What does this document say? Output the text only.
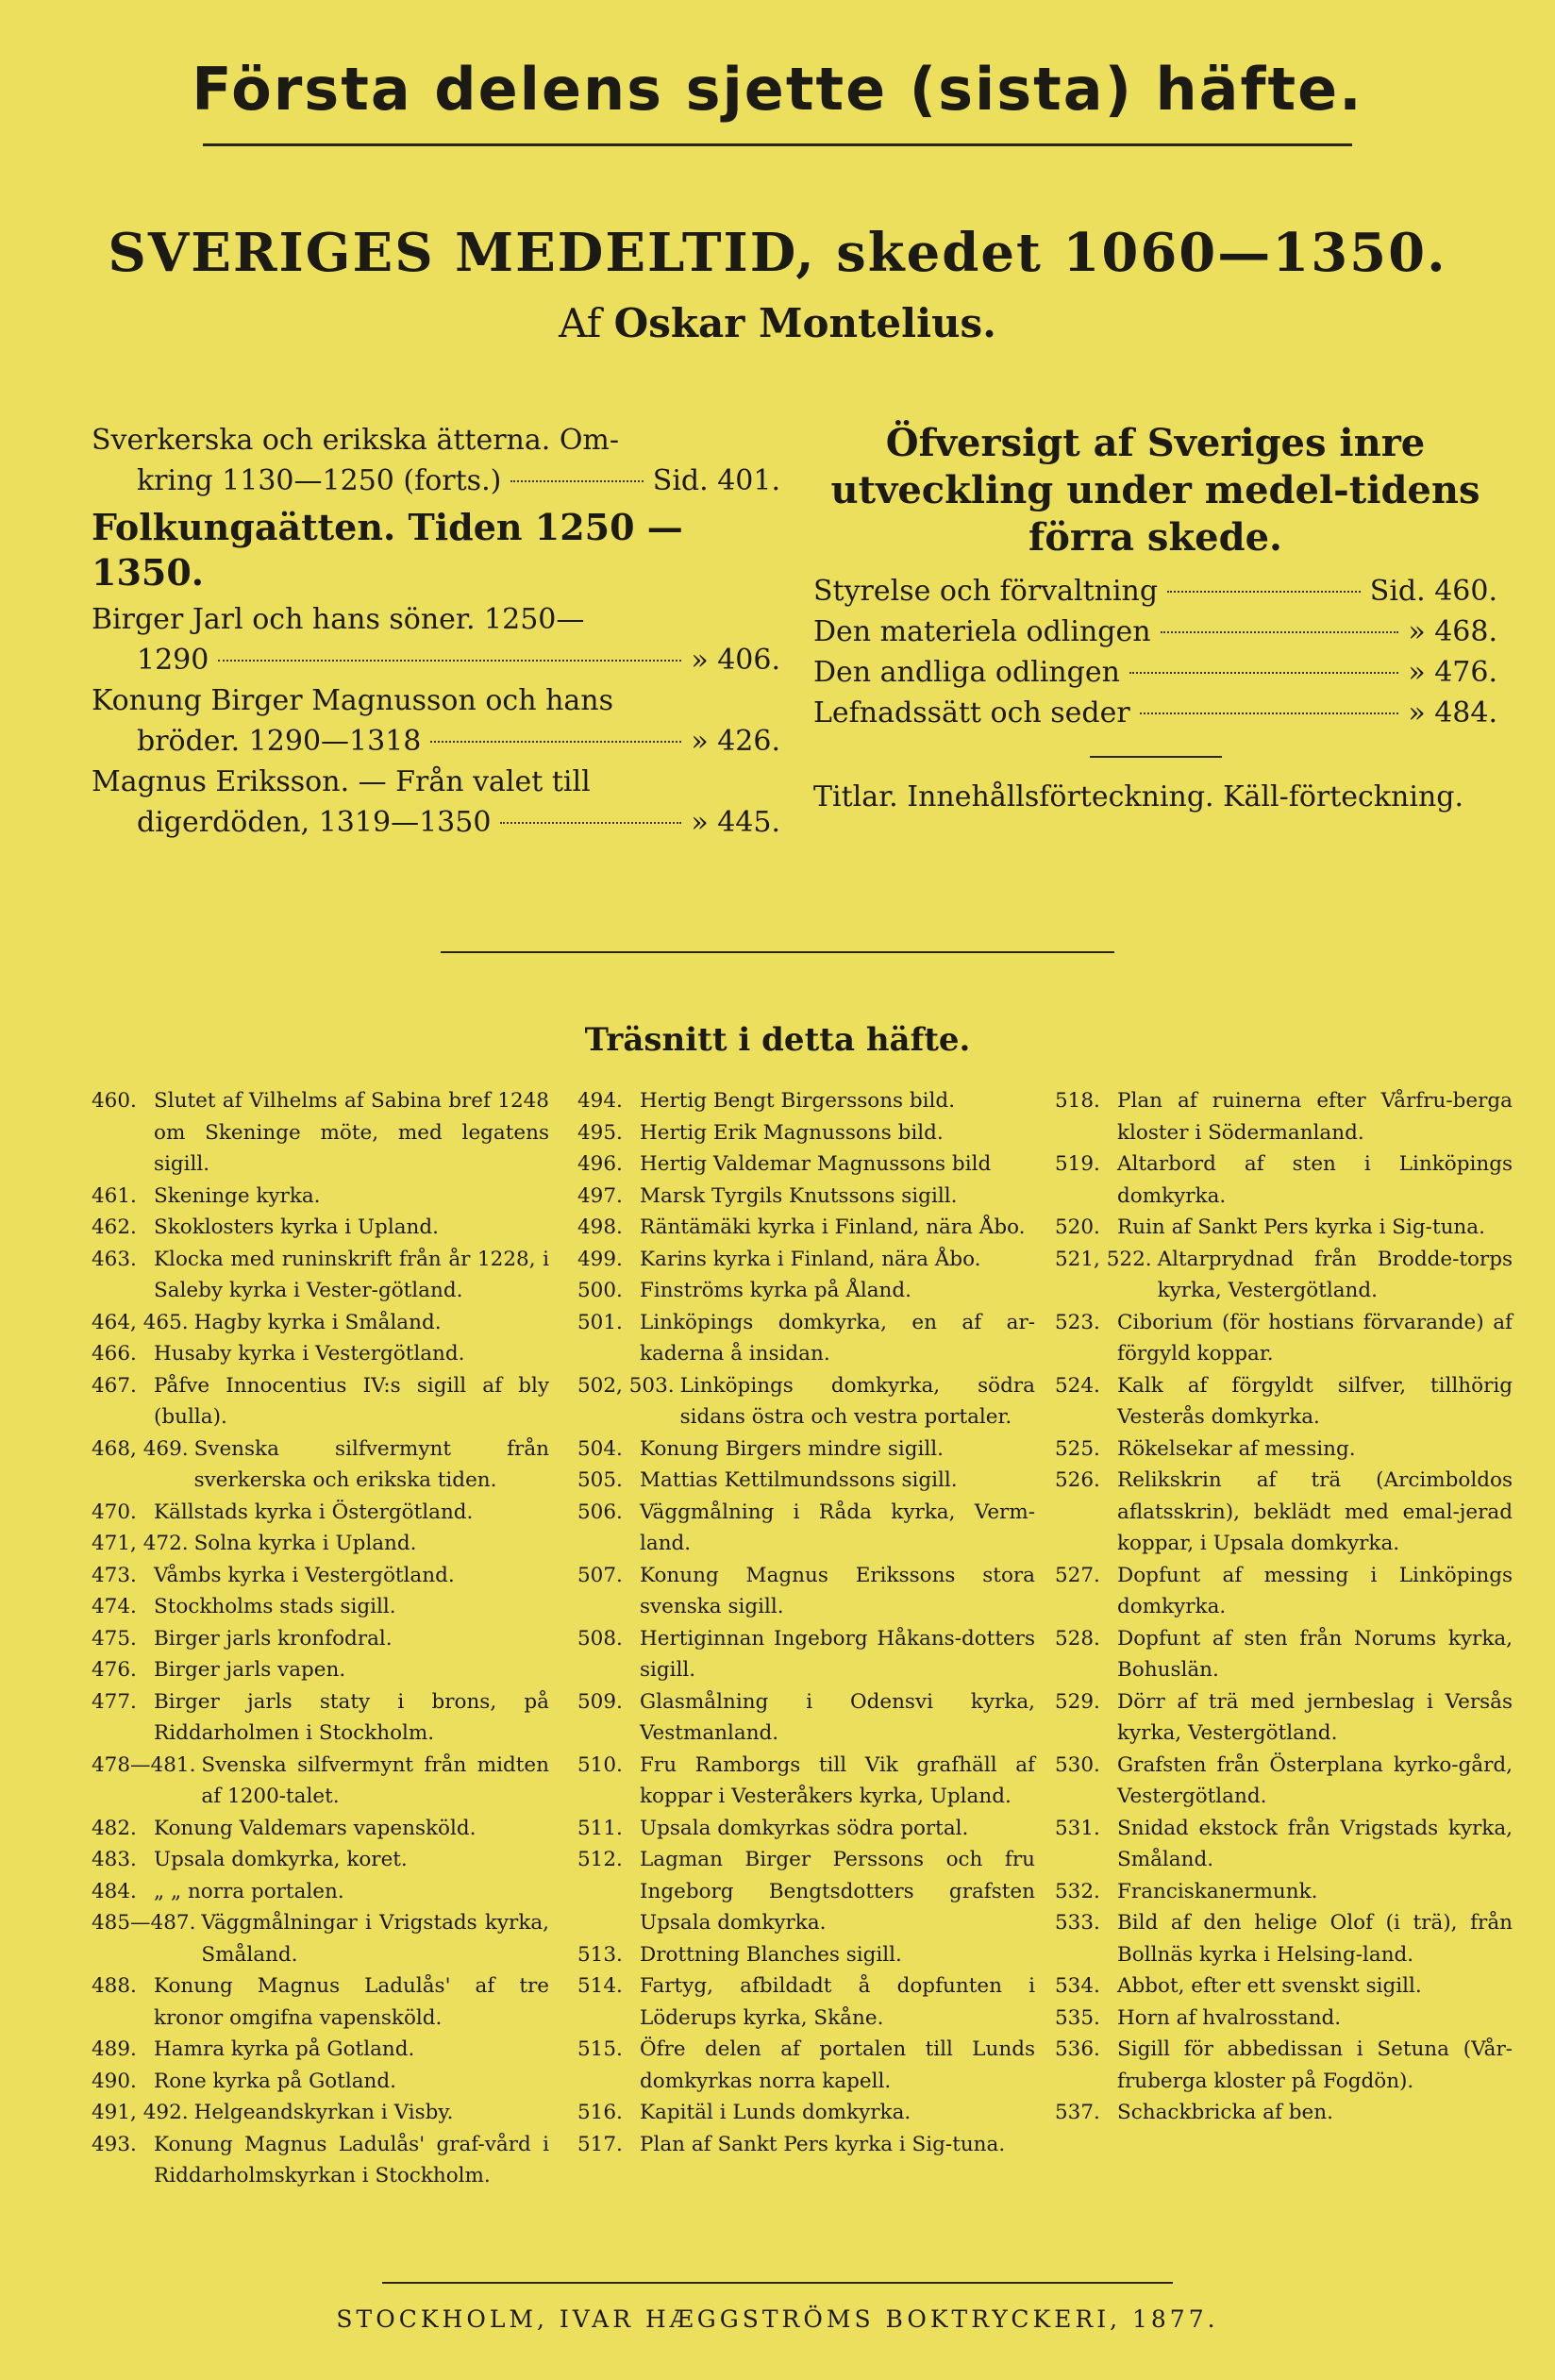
Första delens sjette (sista) häfte.
SVERIGES MEDELTID, skedet 1060—1350.
Af Oskar Montelius.
Sverkerska och erikska ätterna. Om-
kring 1130—1250 (forts.)	Sid. 401.
Folkungaätten. Tiden 1250 —1350.
Birger Jarl och hans söner. 1250—
1290	» 406.
Konung Birger Magnusson och hans
bröder. 1290—1318	» 426.
Magnus Eriksson. — Från valet till
digerdöden, 1319—1350	» 445.
Öfversigt af Sveriges inre utveckling under medel-tidens förra skede.
Styrelse och förvaltning	Sid. 460.
Den materiela odlingen	» 468.
Den andliga odlingen	» 476.
Lefnadssätt och seder	» 484.
Titlar. Innehållsförteckning. Käll-förteckning.
Träsnitt i detta häfte.
460. Slutet af Vilhelms af Sabina bref 1248 om Skeninge möte, med legatens sigill.
461. Skeninge kyrka.
462. Skoklosters kyrka i Upland.
463. Klocka med runinskrift från år 1228, i Saleby kyrka i Vester-götland.
464, 465. Hagby kyrka i Småland.
466. Husaby kyrka i Vestergötland.
467. Påfve Innocentius IV:s sigill af bly (bulla).
468, 469. Svenska silfvermynt från sverkerska och erikska tiden.
470. Källstads kyrka i Östergötland.
471, 472. Solna kyrka i Upland.
473. Våmbs kyrka i Vestergötland.
474. Stockholms stads sigill.
475. Birger jarls kronfodral.
476. Birger jarls vapen.
477. Birger jarls staty i brons, på Riddarholmen i Stockholm.
478—481. Svenska silfvermynt från midten af 1200-talet.
482. Konung Valdemars vapensköld.
483. Upsala domkyrka, koret.
484. „ „ norra portalen.
485—487. Väggmålningar i Vrigstads kyrka, Småland.
488. Konung Magnus Ladulås' af tre kronor omgifna vapensköld.
489. Hamra kyrka på Gotland.
490. Rone kyrka på Gotland.
491, 492. Helgeandskyrkan i Visby.
493. Konung Magnus Ladulås' graf-vård i Riddarholmskyrkan i Stockholm.
494. Hertig Bengt Birgerssons bild.
495. Hertig Erik Magnussons bild.
496. Hertig Valdemar Magnussons bild
497. Marsk Tyrgils Knutssons sigill.
498. Räntämäki kyrka i Finland, nära Åbo.
499. Karins kyrka i Finland, nära Åbo.
500. Finströms kyrka på Åland.
501. Linköpings domkyrka, en af ar-kaderna å insidan.
502, 503. Linköpings domkyrka, södra sidans östra och vestra portaler.
504. Konung Birgers mindre sigill.
505. Mattias Kettilmundssons sigill.
506. Väggmålning i Råda kyrka, Verm-land.
507. Konung Magnus Erikssons stora svenska sigill.
508. Hertiginnan Ingeborg Håkans-dotters sigill.
509. Glasmålning i Odensvi kyrka, Vestmanland.
510. Fru Ramborgs till Vik grafhäll af koppar i Vesteråkers kyrka, Upland.
511. Upsala domkyrkas södra portal.
512. Lagman Birger Perssons och fru Ingeborg Bengtsdotters grafsten Upsala domkyrka.
513. Drottning Blanches sigill.
514. Fartyg, afbildadt å dopfunten i Löderups kyrka, Skåne.
515. Öfre delen af portalen till Lunds domkyrkas norra kapell.
516. Kapitäl i Lunds domkyrka.
517. Plan af Sankt Pers kyrka i Sig-tuna.
518. Plan af ruinerna efter Vårfru-berga kloster i Södermanland.
519. Altarbord af sten i Linköpings domkyrka.
520. Ruin af Sankt Pers kyrka i Sig-tuna.
521, 522. Altarprydnad från Brodde-torps kyrka, Vestergötland.
523. Ciborium (för hostians förvarande) af förgyld koppar.
524. Kalk af förgyldt silfver, tillhörig Vesterås domkyrka.
525. Rökelsekar af messing.
526. Relikskrin af trä (Arcimboldos aflatsskrin), beklädt med emal-jerad koppar, i Upsala domkyrka.
527. Dopfunt af messing i Linköpings domkyrka.
528. Dopfunt af sten från Norums kyrka, Bohuslän.
529. Dörr af trä med jernbeslag i Versås kyrka, Vestergötland.
530. Grafsten från Österplana kyrko-gård, Vestergötland.
531. Snidad ekstock från Vrigstads kyrka, Småland.
532. Franciskanermunk.
533. Bild af den helige Olof (i trä), från Bollnäs kyrka i Helsing-land.
534. Abbot, efter ett svenskt sigill.
535. Horn af hvalrosstand.
536. Sigill för abbedissan i Setuna (Vår-fruberga kloster på Fogdön).
537. Schackbricka af ben.
STOCKHOLM, IVAR HÆGGSTRÖMS BOKTRYCKERI, 1877.
